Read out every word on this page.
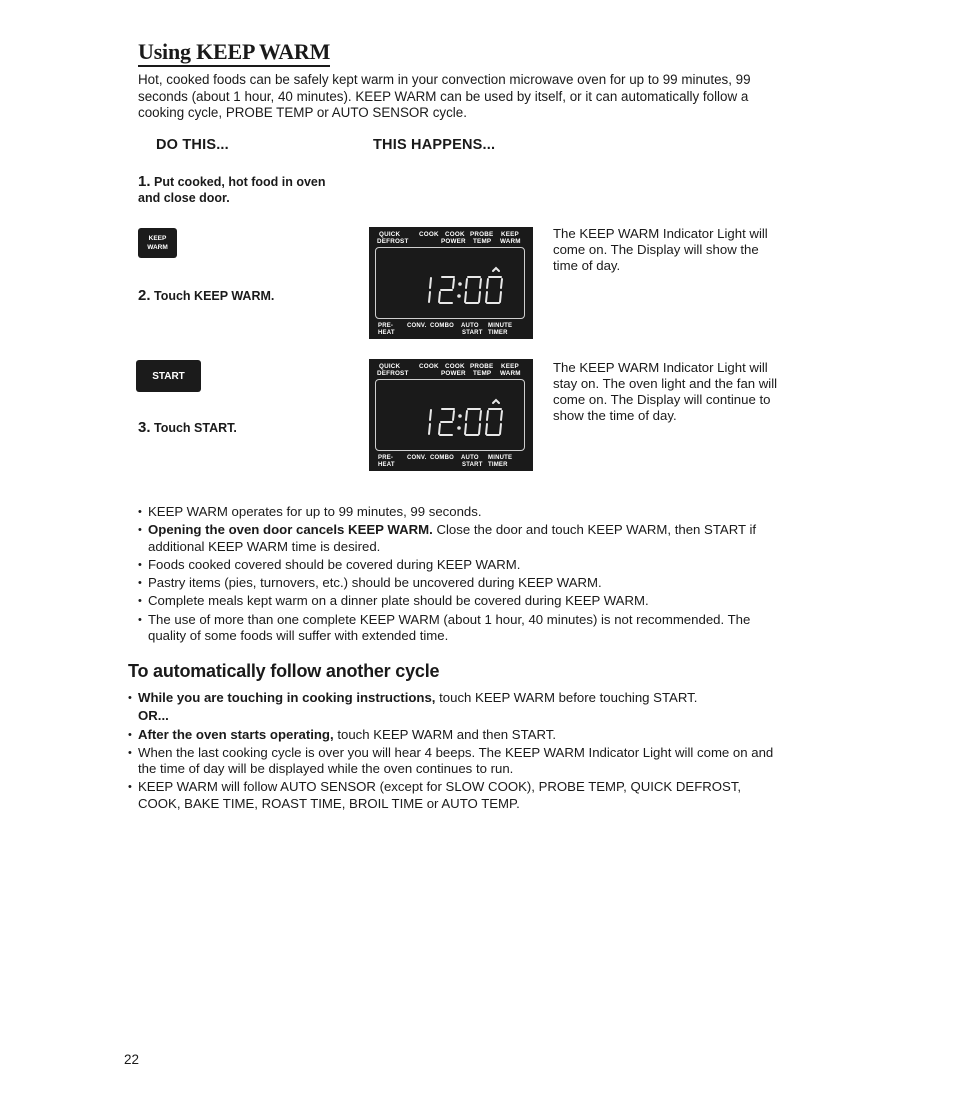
Using KEEP WARM
Hot, cooked foods can be safely kept warm in your convection microwave oven for up to 99 minutes, 99 seconds (about 1 hour, 40 minutes). KEEP WARM can be used by itself, or it can automatically follow a cooking cycle, PROBE TEMP or AUTO SENSOR cycle.
DO THIS...	THIS HAPPENS...
1. Put cooked, hot food in oven and close door.
KEEP
WARM
2. Touch KEEP WARM.
START
3. Touch START.
QUICK	COOK COOK PROBE KEEP
DEFROST	POWER TEMP WARM
PRE- CONV. COMBO AUTO MINUTE
HEAT	START TIMER
The KEEP WARM Indicator Light will come on. The Display will show the time of day.
QUICK	COOK COOK PROBE KEEP
DEFROST	POWER TEMP WARM
PRE- CONV. COMBO AUTO MINUTE
HEAT	START TIMER
The KEEP WARM Indicator Light will stay on. The oven light and the fan will come on. The Display will continue to show the time of day.
• KEEP WARM operates for up to 99 minutes, 99 seconds.
• Opening the oven door cancels KEEP WARM. Close the door and touch KEEP WARM, then START if additional KEEP WARM time is desired.
• Foods cooked covered should be covered during KEEP WARM.
• Pastry items (pies, turnovers, etc.) should be uncovered during KEEP WARM.
• Complete meals kept warm on a dinner plate should be covered during KEEP WARM.
• The use of more than one complete KEEP WARM (about 1 hour, 40 minutes) is not recommended. The quality of some foods will suffer with extended time.
To automatically follow another cycle
• While you are touching in cooking instructions, touch KEEP WARM before touching START.
OR...
• After the oven starts operating, touch KEEP WARM and then START.
• When the last cooking cycle is over you will hear 4 beeps. The KEEP WARM Indicator Light will come on and the time of day will be displayed while the oven continues to run.
• KEEP WARM will follow AUTO SENSOR (except for SLOW COOK), PROBE TEMP, QUICK DEFROST, COOK, BAKE TIME, ROAST TIME, BROIL TIME or AUTO TEMP.
22
